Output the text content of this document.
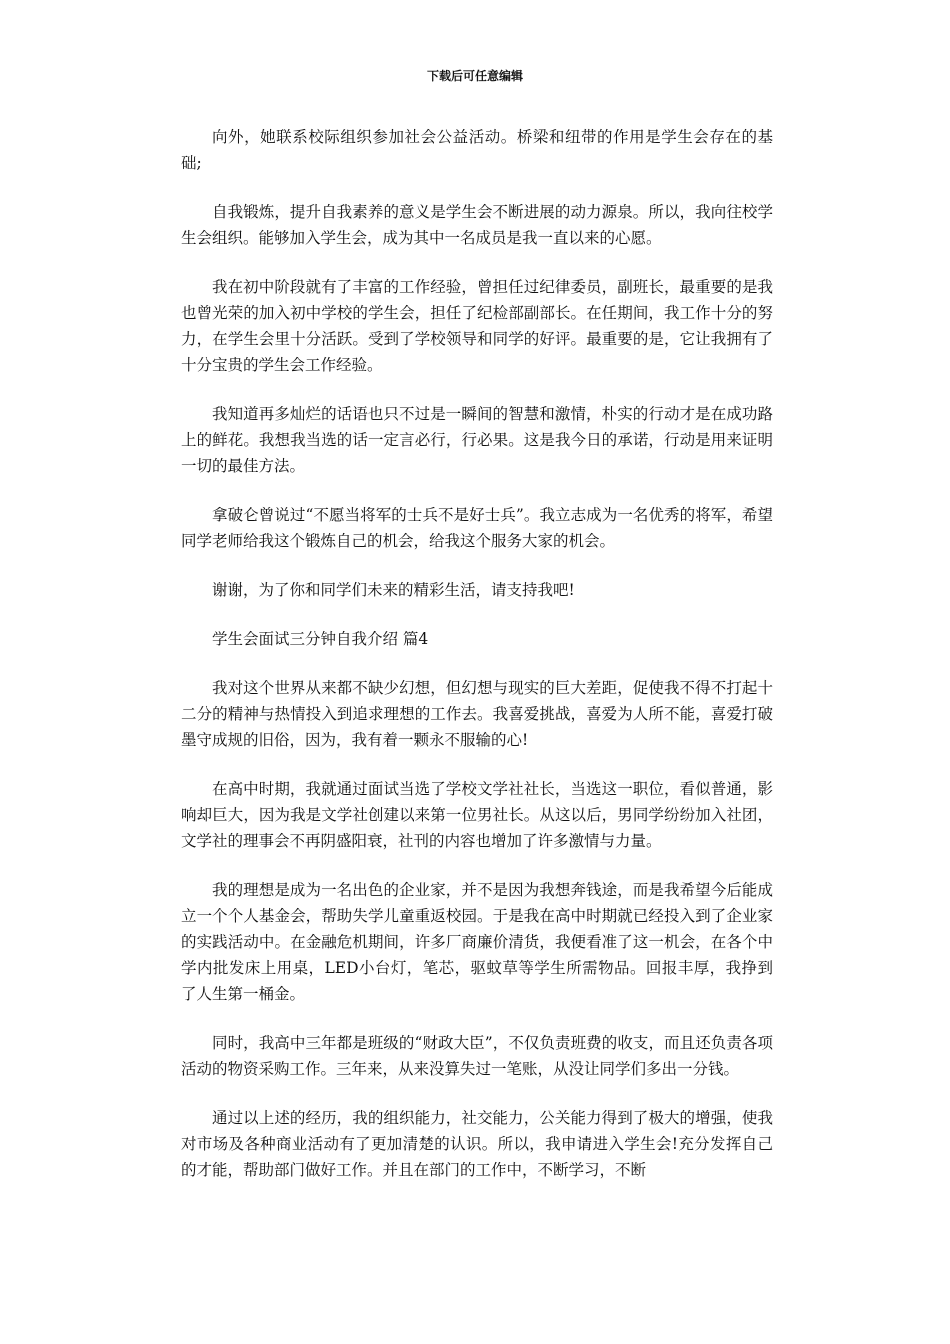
下载后可任意编辑

向外，她联系校际组织参加社会公益活动。桥梁和纽带的作用是学生会存在的基础;

自我锻炼，提升自我素养的意义是学生会不断进展的动力源泉。所以，我向往校学生会组织。能够加入学生会，成为其中一名成员是我一直以来的心愿。

我在初中阶段就有了丰富的工作经验，曾担任过纪律委员，副班长，最重要的是我也曾光荣的加入初中学校的学生会，担任了纪检部副部长。在任期间，我工作十分的努力，在学生会里十分活跃。受到了学校领导和同学的好评。最重要的是，它让我拥有了十分宝贵的学生会工作经验。

我知道再多灿烂的话语也只不过是一瞬间的智慧和激情，朴实的行动才是在成功路上的鲜花。我想我当选的话一定言必行，行必果。这是我今日的承诺，行动是用来证明一切的最佳方法。

拿破仑曾说过“不愿当将军的士兵不是好士兵”。我立志成为一名优秀的将军，希望同学老师给我这个锻炼自己的机会，给我这个服务大家的机会。

谢谢，为了你和同学们未来的精彩生活，请支持我吧!

学生会面试三分钟自我介绍 篇4

我对这个世界从来都不缺少幻想，但幻想与现实的巨大差距，促使我不得不打起十二分的精神与热情投入到追求理想的工作去。我喜爱挑战，喜爱为人所不能，喜爱打破墨守成规的旧俗，因为，我有着一颗永不服输的心!

在高中时期，我就通过面试当选了学校文学社社长，当选这一职位，看似普通，影响却巨大，因为我是文学社创建以来第一位男社长。从这以后，男同学纷纷加入社团，文学社的理事会不再阴盛阳衰，社刊的内容也增加了许多激情与力量。

我的理想是成为一名出色的企业家，并不是因为我想奔钱途，而是我希望今后能成立一个个人基金会，帮助失学儿童重返校园。于是我在高中时期就已经投入到了企业家的实践活动中。在金融危机期间，许多厂商廉价清货，我便看准了这一机会，在各个中学内批发床上用桌，LED小台灯，笔芯，驱蚊草等学生所需物品。回报丰厚，我挣到了人生第一桶金。

同时，我高中三年都是班级的“财政大臣”，不仅负责班费的收支，而且还负责各项活动的物资采购工作。三年来，从来没算失过一笔账，从没让同学们多出一分钱。

通过以上述的经历，我的组织能力，社交能力，公关能力得到了极大的增强，使我对市场及各种商业活动有了更加清楚的认识。所以，我申请进入学生会!充分发挥自己的才能，帮助部门做好工作。并且在部门的工作中，不断学习，不断
